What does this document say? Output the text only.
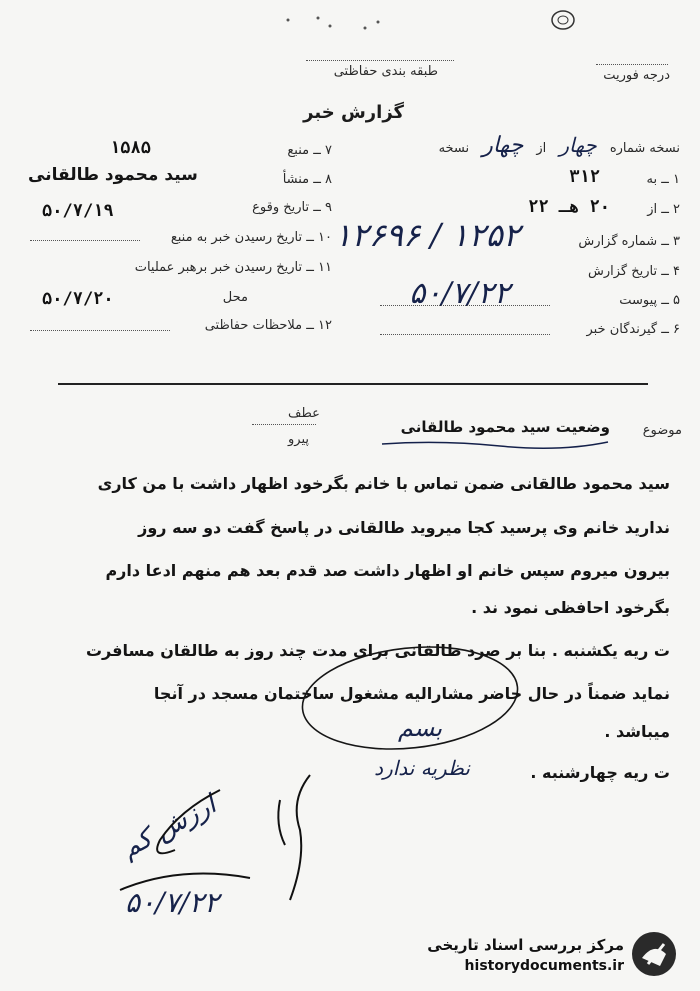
درجه فوریت
طبقه بندی حفاظتی
گزارش خبر
نسخه شماره چهار از چهار نسخه
۱ ــ به
۳۱۲
۲ ــ از
۲۰ هـ ۲۲
۳ ــ شماره گزارش
۱۲۵۲ / ۱۲۶۹۶
۴ ــ تاریخ گزارش
۵۰/۷/۲۲	۵ ــ پیوست
۶ ــ گیرندگان خبر
۷ ــ منبع
۱۵۸۵
۸ ــ منشأ
سید محمود طالقانی
۹ ــ تاریخ وقوع
۵۰/۷/۱۹
۱۰ ــ تاریخ رسیدن خبر به منبع
۱۱ ــ تاریخ رسیدن خبر برهبر عملیات
محل
۵۰/۷/۲۰
۱۲ ــ ملاحظات حفاظتی
عطف
پیرو
موضوع
وضعیت سید محمود طالقانی
سید محمود طالقانی ضمن تماس با خانم بگرخود اظهار داشت با من کاری
ندارید خانم وی پرسید کجا میروید طالقانی در پاسخ گفت دو سه روز
بیرون میروم سپس خانم او اظهار داشت صد قدم بعد هم منهم ادعا دارم
بگرخود احافظی نمود ند .
ت ریه یکشنبه . بنا بر صرد طالقانی برای مدت چند روز به طالقان مسافرت
نماید ضمناً در حال حاضر مشارالیه مشغول ساختمان مسجد در آنجا
میباشد .
ت ریه چهارشنبه .
نظریه ندارد
بسم
ارزش کم
۵۰/۷/۲۲
مرکز بررسی اسناد تاریخی
historydocuments.ir
